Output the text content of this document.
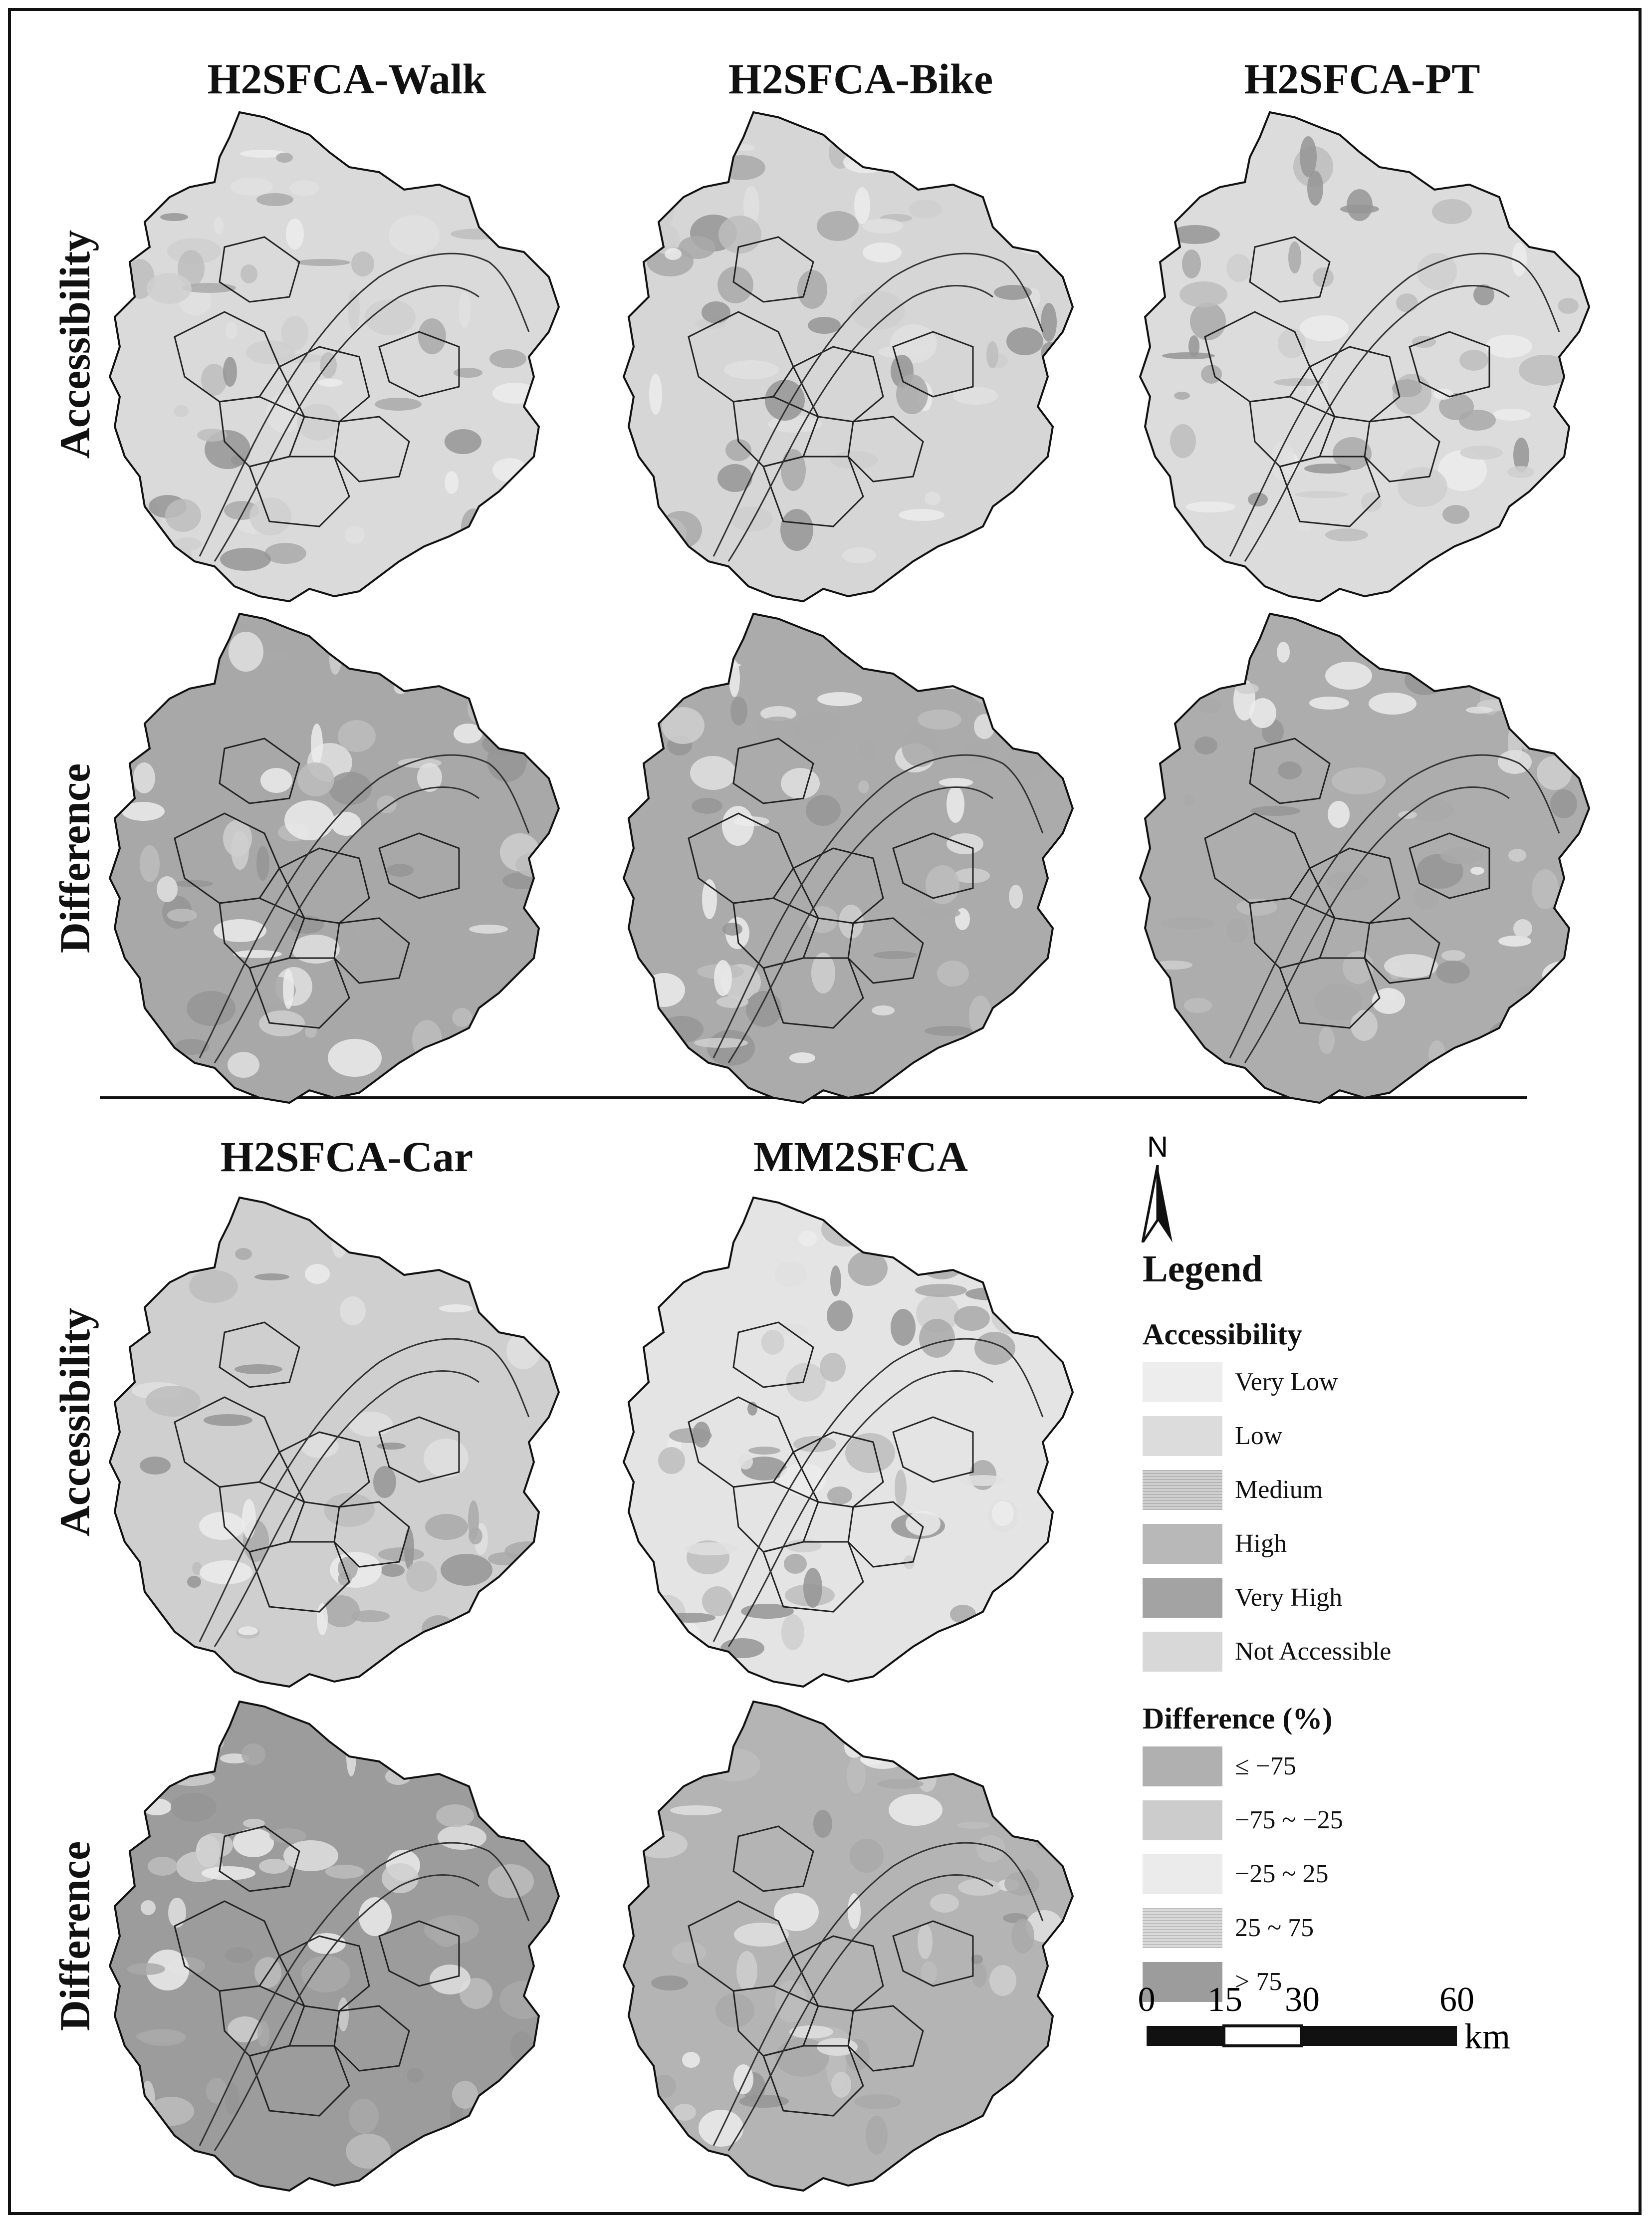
H2SFCA-Walk	H2SFCA-Bike	H2SFCA-PT
H2SFCA-Car	MM2SFCA
Accessibility
Difference
Accessibility
Difference
N
Legend
Accessibility
Very Low
Low
Medium
High
Very High
Not Accessible
Difference (%)
≤ −75
−75 ~ −25
−25 ~ 25
25 ~ 75
> 75
0 15 30	60
km
